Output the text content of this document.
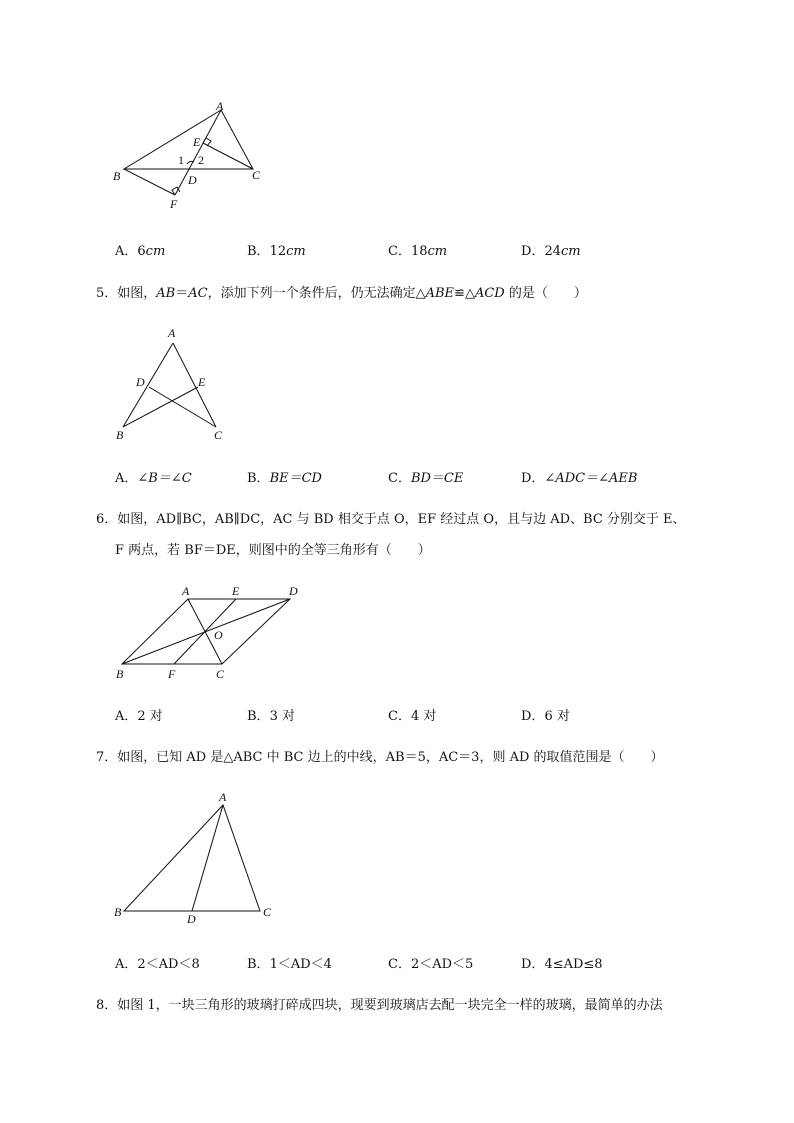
A
B	C
D
E
F
1 2
A．6cm	B．12cm	C．18cm	D．24cm
5．如图，AB＝AC，添加下列一个条件后，仍无法确定△ABE≌△ACD 的是（　　）
A
B	C
D	E
A．∠B＝∠C	B．BE＝CD	C．BD＝CE	D．∠ADC＝∠AEB
6．如图，AD∥BC，AB∥DC，AC 与 BD 相交于点 O，EF 经过点 O，且与边 AD、BC 分别交于 E、
F 两点，若 BF＝DE，则图中的全等三角形有（　　）
A	E	D
O
B	F	C
A．2 对	B．3 对	C．4 对	D．6 对
7．如图，已知 AD 是△ABC 中 BC 边上的中线，AB＝5，AC＝3，则 AD 的取值范围是（　　）
A
B	D	C
A．2＜AD＜8	B．1＜AD＜4	C．2＜AD＜5	D．4≤AD≤8
8．如图 1，一块三角形的玻璃打碎成四块，现要到玻璃店去配一块完全一样的玻璃，最简单的办法
